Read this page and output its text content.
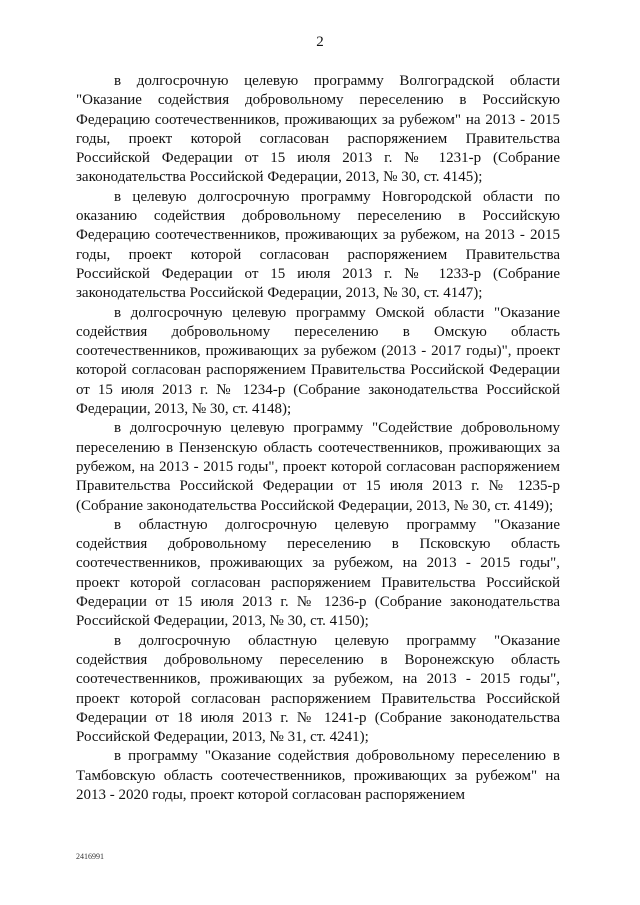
2

в долгосрочную целевую программу Волгоградской области "Оказание содействия добровольному переселению в Российскую Федерацию соотечественников, проживающих за рубежом" на 2013 - 2015 годы, проект которой согласован распоряжением Правительства Российской Федерации от 15 июля 2013 г. № 1231-р (Собрание законодательства Российской Федерации, 2013, № 30, ст. 4145);

в целевую долгосрочную программу Новгородской области по оказанию содействия добровольному переселению в Российскую Федерацию соотечественников, проживающих за рубежом, на 2013 - 2015 годы, проект которой согласован распоряжением Правительства Российской Федерации от 15 июля 2013 г. № 1233-р (Собрание законодательства Российской Федерации, 2013, № 30, ст. 4147);

в долгосрочную целевую программу Омской области "Оказание содействия добровольному переселению в Омскую область соотечественников, проживающих за рубежом (2013 - 2017 годы)", проект которой согласован распоряжением Правительства Российской Федерации от 15 июля 2013 г. № 1234-р (Собрание законодательства Российской Федерации, 2013, № 30, ст. 4148);

в долгосрочную целевую программу "Содействие добровольному переселению в Пензенскую область соотечественников, проживающих за рубежом, на 2013 - 2015 годы", проект которой согласован распоряжением Правительства Российской Федерации от 15 июля 2013 г. № 1235-р (Собрание законодательства Российской Федерации, 2013, № 30, ст. 4149);

в областную долгосрочную целевую программу "Оказание содействия добровольному переселению в Псковскую область соотечественников, проживающих за рубежом, на 2013 - 2015 годы", проект которой согласован распоряжением Правительства Российской Федерации от 15 июля 2013 г. № 1236-р (Собрание законодательства Российской Федерации, 2013, № 30, ст. 4150);

в долгосрочную областную целевую программу "Оказание содействия добровольному переселению в Воронежскую область соотечественников, проживающих за рубежом, на 2013 - 2015 годы", проект которой согласован распоряжением Правительства Российской Федерации от 18 июля 2013 г. № 1241-р (Собрание законодательства Российской Федерации, 2013, № 31, ст. 4241);

в программу "Оказание содействия добровольному переселению в Тамбовскую область соотечественников, проживающих за рубежом" на 2013 - 2020 годы, проект которой согласован распоряжением

2416991
